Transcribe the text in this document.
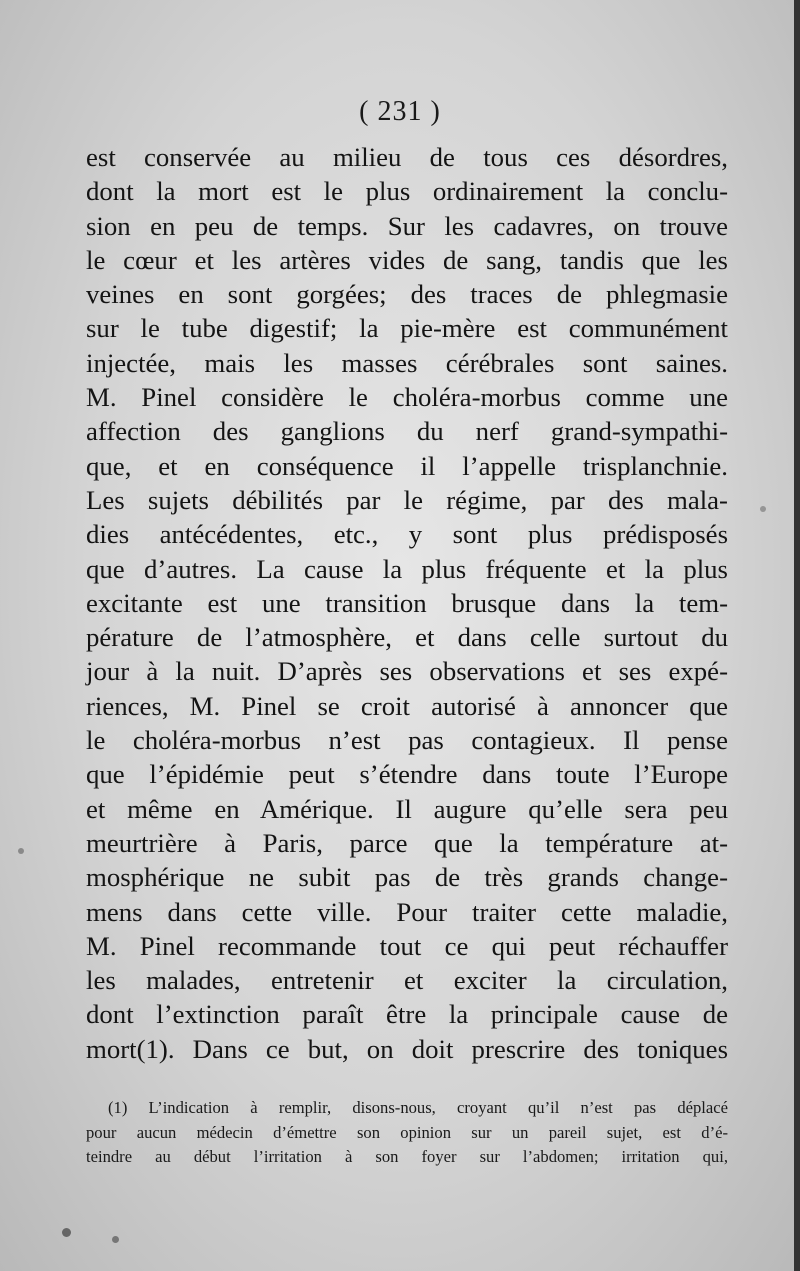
( 231 )
est conservée au milieu de tous ces désordres,
dont la mort est le plus ordinairement la conclu-
sion en peu de temps. Sur les cadavres, on trouve
le cœur et les artères vides de sang, tandis que les
veines en sont gorgées; des traces de phlegmasie
sur le tube digestif; la pie-mère est communément
injectée, mais les masses cérébrales sont saines.
M. Pinel considère le choléra-morbus comme une
affection des ganglions du nerf grand-sympathi-
que, et en conséquence il l’appelle trisplanchnie.
Les sujets débilités par le régime, par des mala-
dies antécédentes, etc., y sont plus prédisposés
que d’autres. La cause la plus fréquente et la plus
excitante est une transition brusque dans la tem-
pérature de l’atmosphère, et dans celle surtout du
jour à la nuit. D’après ses observations et ses expé-
riences, M. Pinel se croit autorisé à annoncer que
le choléra-morbus n’est pas contagieux. Il pense
que l’épidémie peut s’étendre dans toute l’Europe
et même en Amérique. Il augure qu’elle sera peu
meurtrière à Paris, parce que la température at-
mosphérique ne subit pas de très grands change-
mens dans cette ville. Pour traiter cette maladie,
M. Pinel recommande tout ce qui peut réchauffer
les malades, entretenir et exciter la circulation,
dont l’extinction paraît être la principale cause de
mort(1). Dans ce but, on doit prescrire des toniques
(1) L’indication à remplir, disons-nous, croyant qu’il n’est pas déplacé
pour aucun médecin d’émettre son opinion sur un pareil sujet, est d’é-
teindre au début l’irritation à son foyer sur l’abdomen; irritation qui,
